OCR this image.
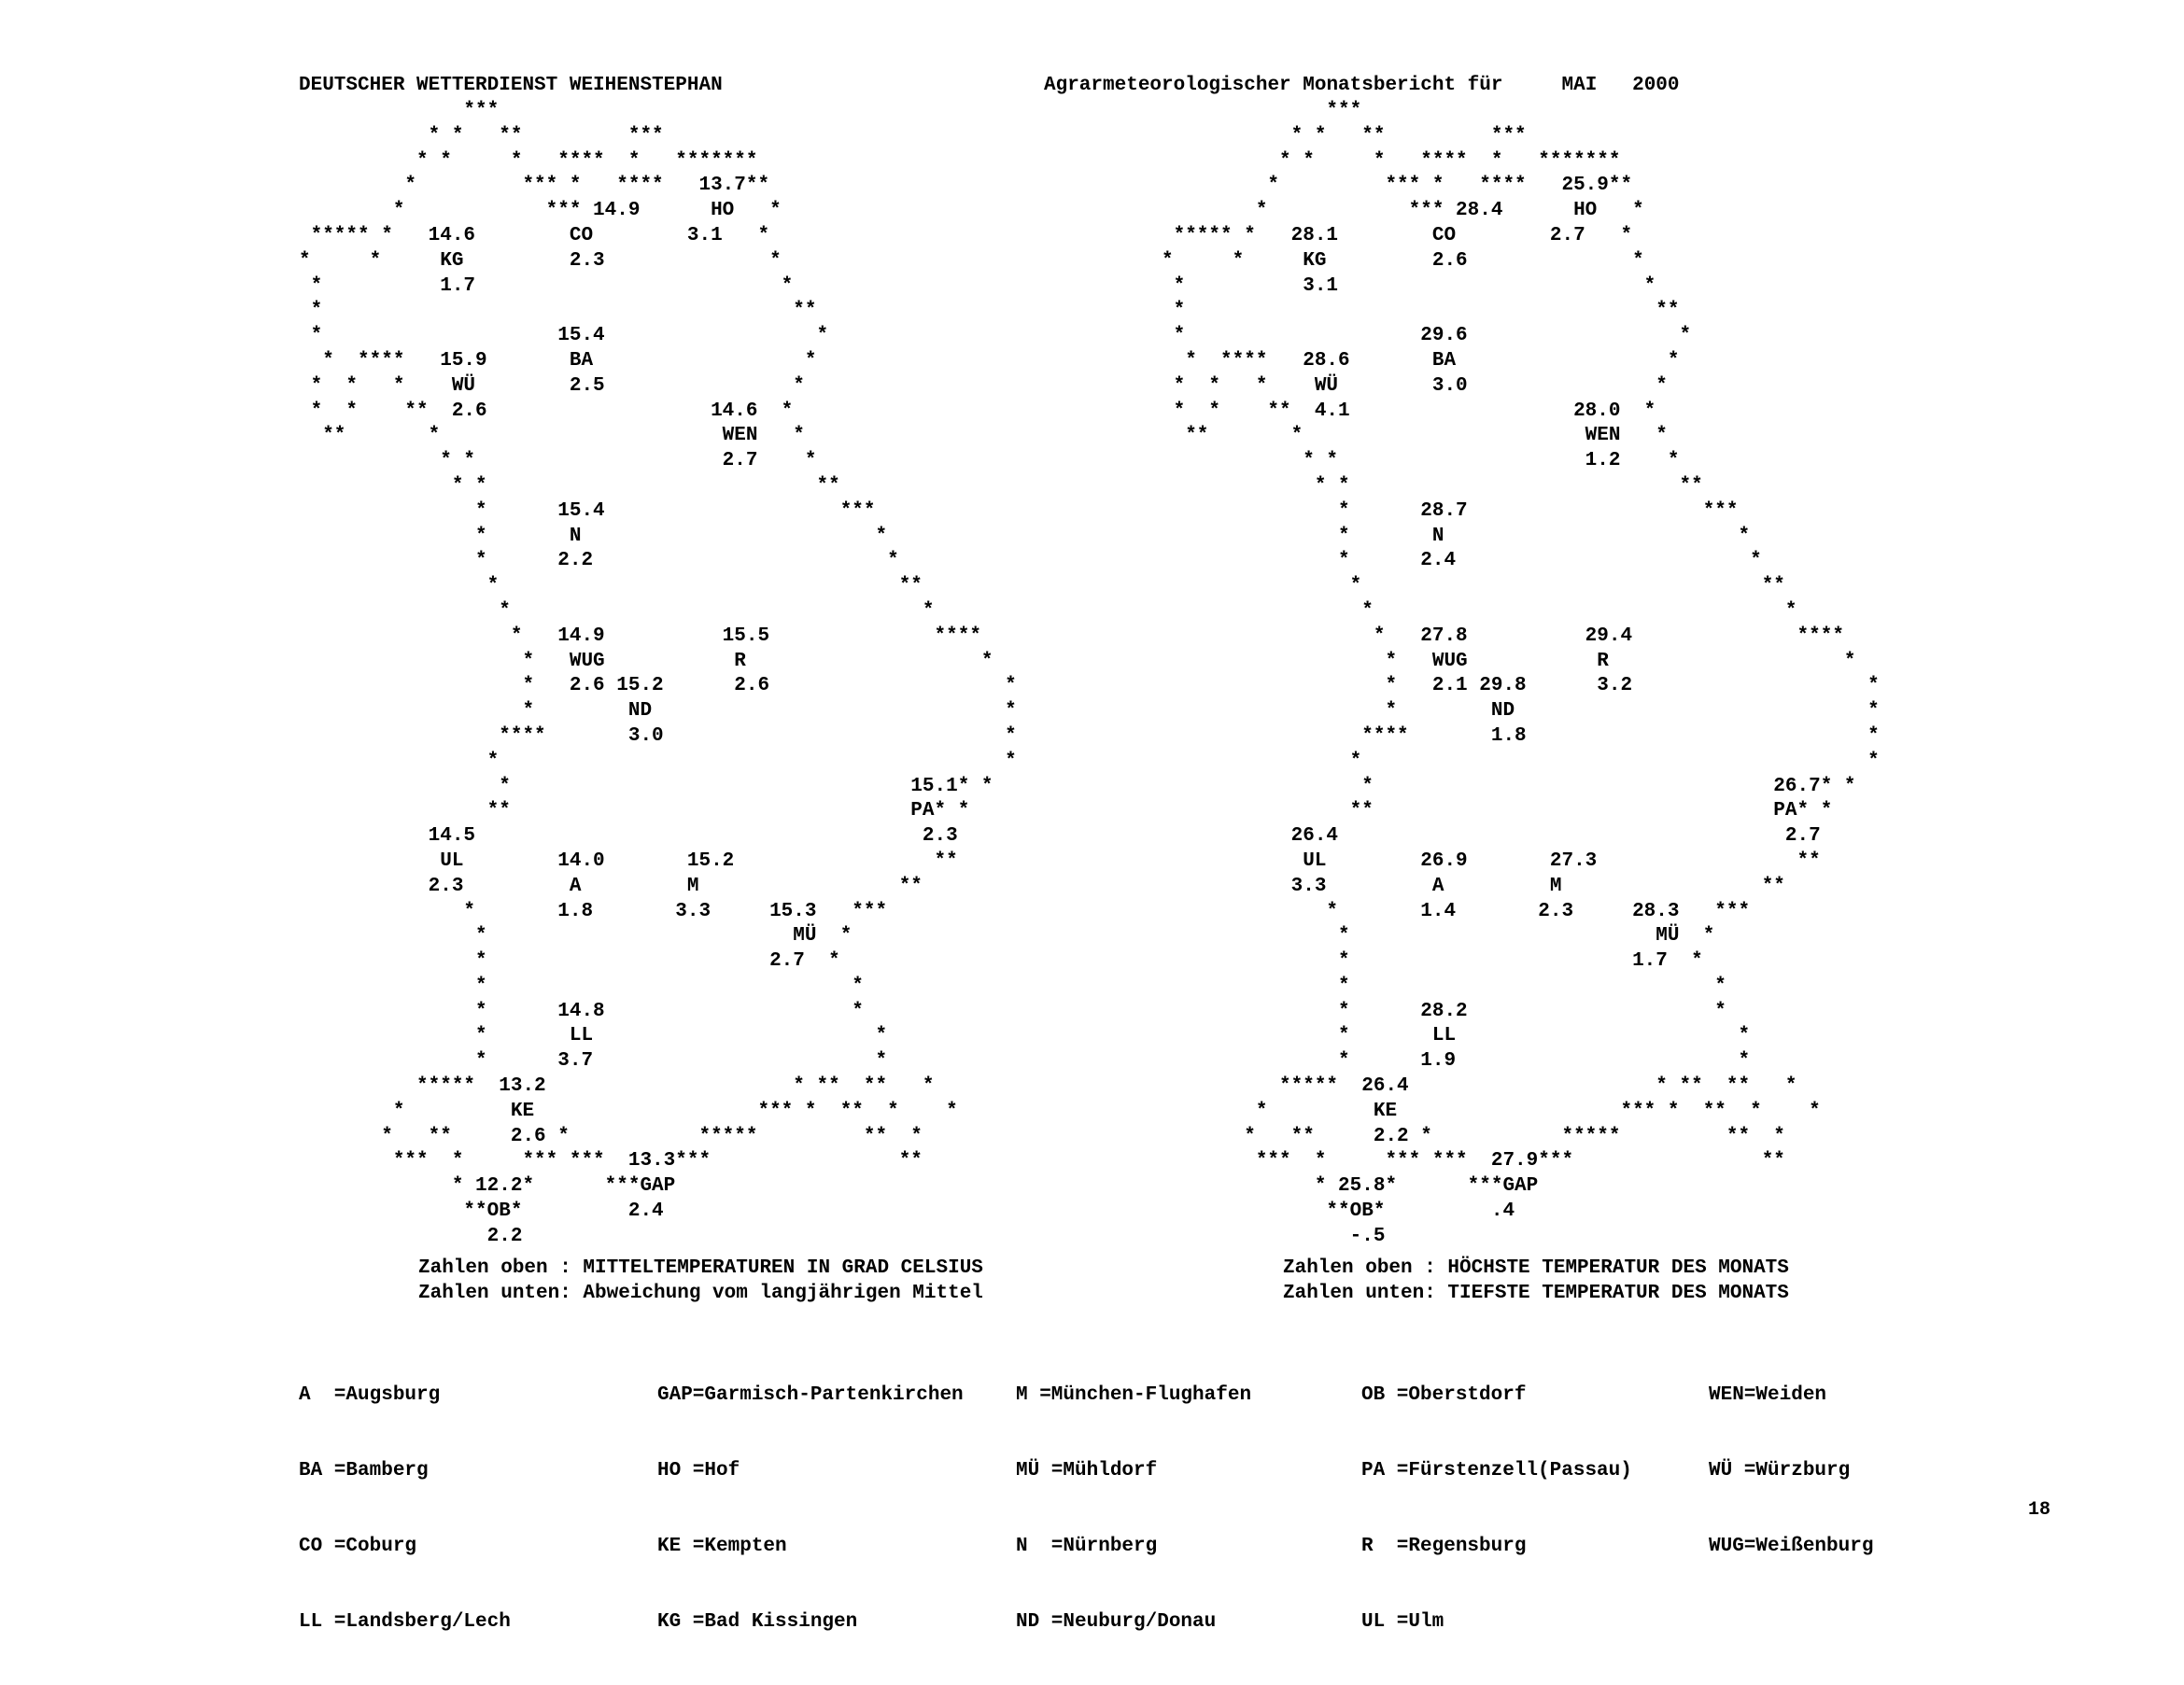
DEUTSCHER WETTERDIENST WEIHENSTEPHAN	Agrarmeteorologischer Monatsbericht für     MAI   2000
***
* *   **         ***
* *     *   ****  *   *******
*         *** *   ****   13.7**
*            *** 14.9      HO   *
***** *   14.6        CO        3.1   *
*     *     KG         2.3              *
*          1.7                          *
*                                        **
*                    15.4                  *
*  ****   15.9       BA                  *
*  *   *    WÜ        2.5                *
*  *    **  2.6                   14.6  *
**       *                        WEN   *
* *                     2.7    *
* *                            **
*      15.4                    ***
*       N                         *
*      2.2                         *
*                                  **
*                                   *
*   14.9          15.5              ****
*   WUG           R                    *
*   2.6 15.2      2.6                    *
*        ND                              *
****       3.0                             *
*                                           *
*                                  15.1* *
**                                  PA* *
14.5                                      2.3
UL        14.0       15.2                 **
2.3         A         M                 **
*       1.8       3.3     15.3   ***
*                          MÜ  *
*                        2.7  *
*                               *
*      14.8                     *
*       LL                        *
*      3.7                        *
*****  13.2                     * **  **   *
*         KE                   *** *  **  *    *
*   **     2.6 *           *****         **  *
***  *     *** ***  13.3***                **
* 12.2*      ***GAP
**OB*         2.4
2.2
***
* *   **         ***
* *     *   ****  *   *******
*         *** *   ****   25.9**
*            *** 28.4      HO   *
***** *   28.1        CO        2.7   *
*     *     KG         2.6              *
*          3.1                          *
*                                        **
*                    29.6                  *
*  ****   28.6       BA                  *
*  *   *    WÜ        3.0                *
*  *    **  4.1                   28.0  *
**       *                        WEN   *
* *                     1.2    *
* *                            **
*      28.7                    ***
*       N                         *
*      2.4                         *
*                                  **
*                                   *
*   27.8          29.4              ****
*   WUG           R                    *
*   2.1 29.8      3.2                    *
*        ND                              *
****       1.8                             *
*                                           *
*                                  26.7* *
**                                  PA* *
26.4                                      2.7
UL        26.9       27.3                 **
3.3         A         M                 **
*       1.4       2.3     28.3   ***
*                          MÜ  *
*                        1.7  *
*                               *
*      28.2                     *
*       LL                        *
*      1.9                        *
*****  26.4                     * **  **   *
*         KE                   *** *  **  *    *
*   **     2.2 *           *****         **  *
***  *     *** ***  27.9***                **
* 25.8*      ***GAP
**OB*         .4
-.5
Zahlen oben : MITTELTEMPERATUREN IN GRAD CELSIUS
Zahlen unten: Abweichung vom langjährigen Mittel
Zahlen oben : HÖCHSTE TEMPERATUR DES MONATS
Zahlen unten: TIEFSTE TEMPERATUR DES MONATS

A  =Augsburg

BA =Bamberg

CO =Coburg

LL =Landsberg/Lech

GAP=Garmisch-Partenkirchen

HO =Hof

KE =Kempten

KG =Bad Kissingen

M =München-Flughafen

MÜ =Mühldorf

N  =Nürnberg

ND =Neuburg/Donau

OB =Oberstdorf

PA =Fürstenzell(Passau)

R  =Regensburg

UL =Ulm

WEN=Weiden

WÜ =Würzburg

WUG=Weißenburg

18
